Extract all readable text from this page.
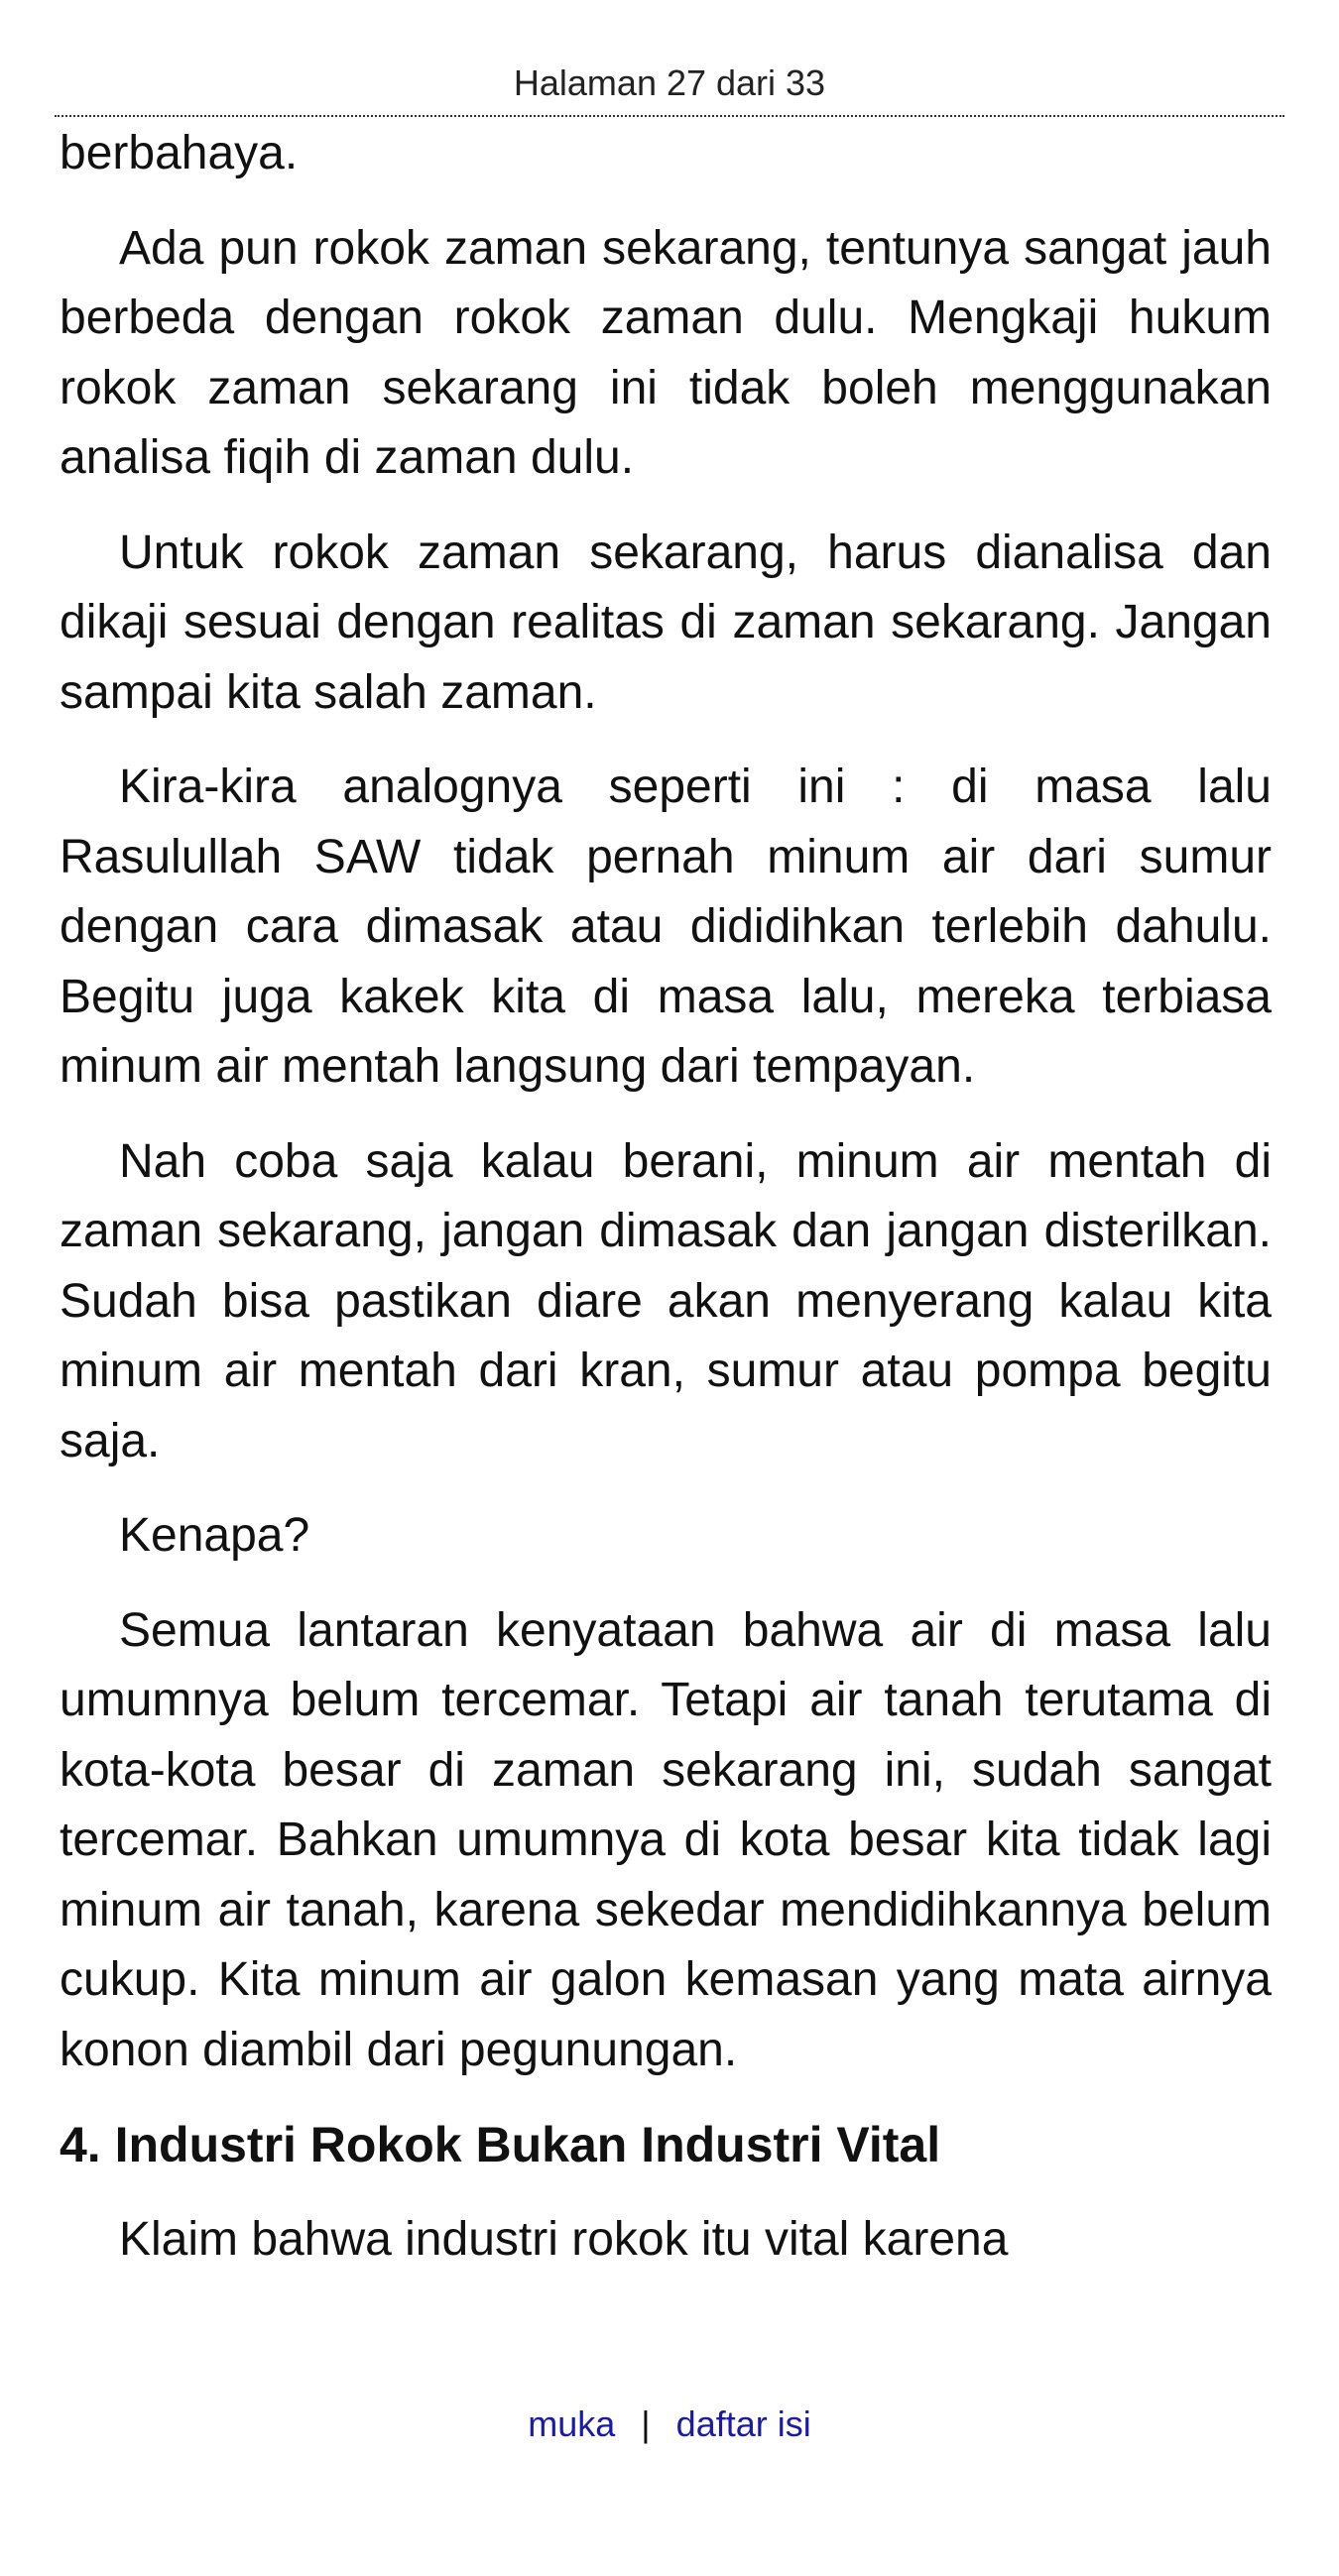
Halaman 27 dari 33

berbahaya.

Ada pun rokok zaman sekarang, tentunya sangat jauh berbeda dengan rokok zaman dulu. Mengkaji hukum rokok zaman sekarang ini tidak boleh menggunakan analisa fiqih di zaman dulu.

Untuk rokok zaman sekarang, harus dianalisa dan dikaji sesuai dengan realitas di zaman sekarang. Jangan sampai kita salah zaman.

Kira-kira analognya seperti ini : di masa lalu Rasulullah SAW tidak pernah minum air dari sumur dengan cara dimasak atau dididihkan terlebih dahulu. Begitu juga kakek kita di masa lalu, mereka terbiasa minum air mentah langsung dari tempayan.

Nah coba saja kalau berani, minum air mentah di zaman sekarang, jangan dimasak dan jangan disterilkan. Sudah bisa pastikan diare akan menyerang kalau kita minum air mentah dari kran, sumur atau pompa begitu saja.

Kenapa?

Semua lantaran kenyataan bahwa air di masa lalu umumnya belum tercemar. Tetapi air tanah terutama di kota-kota besar di zaman sekarang ini, sudah sangat tercemar. Bahkan umumnya di kota besar kita tidak lagi minum air tanah, karena sekedar mendidihkannya belum cukup. Kita minum air galon kemasan yang mata airnya konon diambil dari pegunungan.

4. Industri Rokok Bukan Industri Vital

Klaim bahwa industri rokok itu vital karena

muka | daftar isi
